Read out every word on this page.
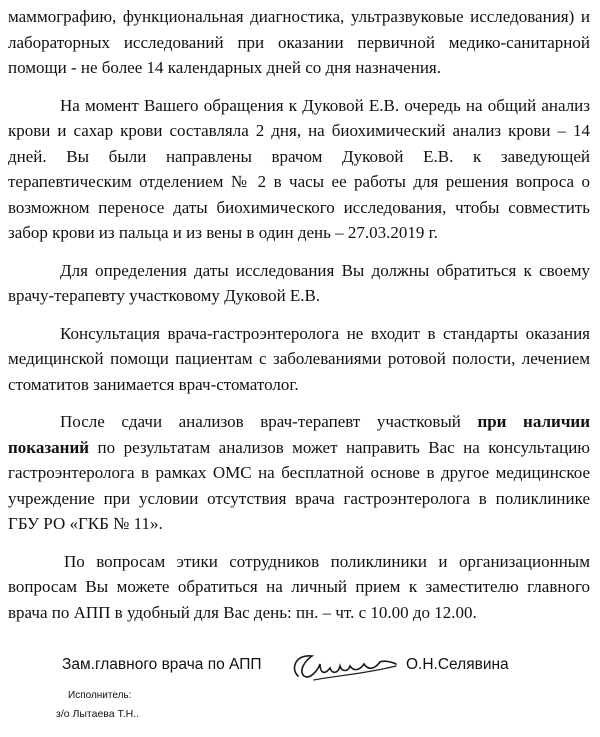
маммографию, функциональная диагностика, ультразвуковые исследования) и лабораторных исследований при оказании первичной медико-санитарной помощи - не более 14 календарных дней со дня назначения.

На момент Вашего обращения к Дуковой Е.В. очередь на общий анализ крови и сахар крови составляла 2 дня, на биохимический анализ крови – 14 дней. Вы были направлены врачом Дуковой Е.В. к заведующей терапевтическим отделением № 2 в часы ее работы для решения вопроса о возможном переносе даты биохимического исследования, чтобы совместить забор крови из пальца и из вены в один день – 27.03.2019 г.

Для определения даты исследования Вы должны обратиться к своему врачу-терапевту участковому Дуковой Е.В.

Консультация врача-гастроэнтеролога не входит в стандарты оказания медицинской помощи пациентам с заболеваниями ротовой полости, лечением стоматитов занимается врач-стоматолог.

После сдачи анализов врач-терапевт участковый при наличии показаний по результатам анализов может направить Вас на консультацию гастроэнтеролога в рамках ОМС на бесплатной основе в другое медицинское учреждение при условии отсутствия врача гастроэнтеролога в поликлинике ГБУ РО «ГКБ № 11».

По вопросам этики сотрудников поликлиники и организационным вопросам Вы можете обратиться на личный прием к заместителю главного врача по АПП в удобный для Вас день: пн. – чт. с 10.00 до 12.00.

Зам.главного врача по АПП	О.Н.Селявина
Исполнитель:
з/о Лытаева Т.Н..
